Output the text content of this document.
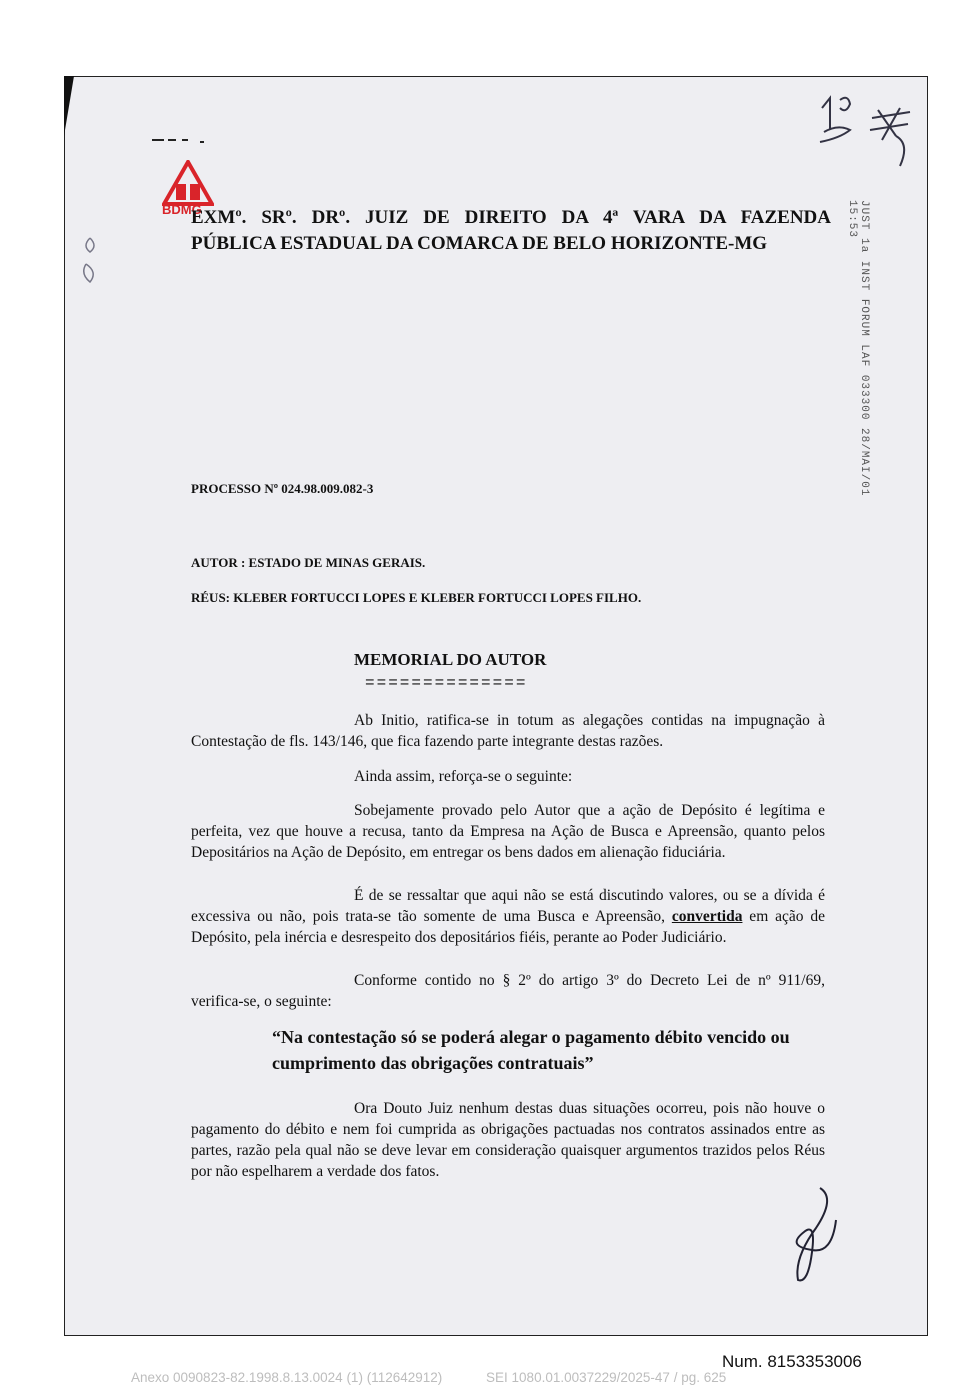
BDMG
EXMº. SRº. DRº. JUIZ DE DIREITO DA 4ª VARA DA FAZENDA
PÚBLICA ESTADUAL DA COMARCA DE BELO HORIZONTE-MG	JUST 1a INST FORUM LAF 033300 28/MAI/01 15:53
PROCESSO Nº 024.98.009.082-3
AUTOR : ESTADO DE MINAS GERAIS.
RÉUS: KLEBER FORTUCCI LOPES E KLEBER FORTUCCI LOPES FILHO.
MEMORIAL DO AUTOR
==============

Ab Initio, ratifica-se in totum as alegações contidas na impugnação à Contestação de fls. 143/146, que fica fazendo parte integrante destas razões.

Ainda assim, reforça-se o seguinte:

Sobejamente provado pelo Autor que a ação de Depósito é legítima e perfeita, vez que houve a recusa, tanto da Empresa na Ação de Busca e Apreensão, quanto pelos Depositários na Ação de Depósito, em entregar os bens dados em alienação fiduciária.

É de se ressaltar que aqui não se está discutindo valores, ou se a dívida é excessiva ou não, pois trata-se tão somente de uma Busca e Apreensão, convertida em ação de Depósito, pela inércia e desrespeito dos depositários fiéis, perante ao Poder Judiciário.

Conforme contido no § 2º do artigo 3º do Decreto Lei de nº 911/69, verifica-se, o seguinte:

“Na contestação só se poderá alegar o pagamento débito vencido ou cumprimento das obrigações contratuais”

Ora Douto Juiz nenhum destas duas situações ocorreu, pois não houve o pagamento do débito e nem foi cumprida as obrigações pactuadas nos contratos assinados entre as partes, razão pela qual não se deve levar em consideração quaisquer argumentos trazidos pelos Réus por não espelharem a verdade dos fatos.

Num. 8153353006
Anexo 0090823-82.1998.8.13.0024 (1) (112642912)	SEI 1080.01.0037229/2025-47 / pg. 625
